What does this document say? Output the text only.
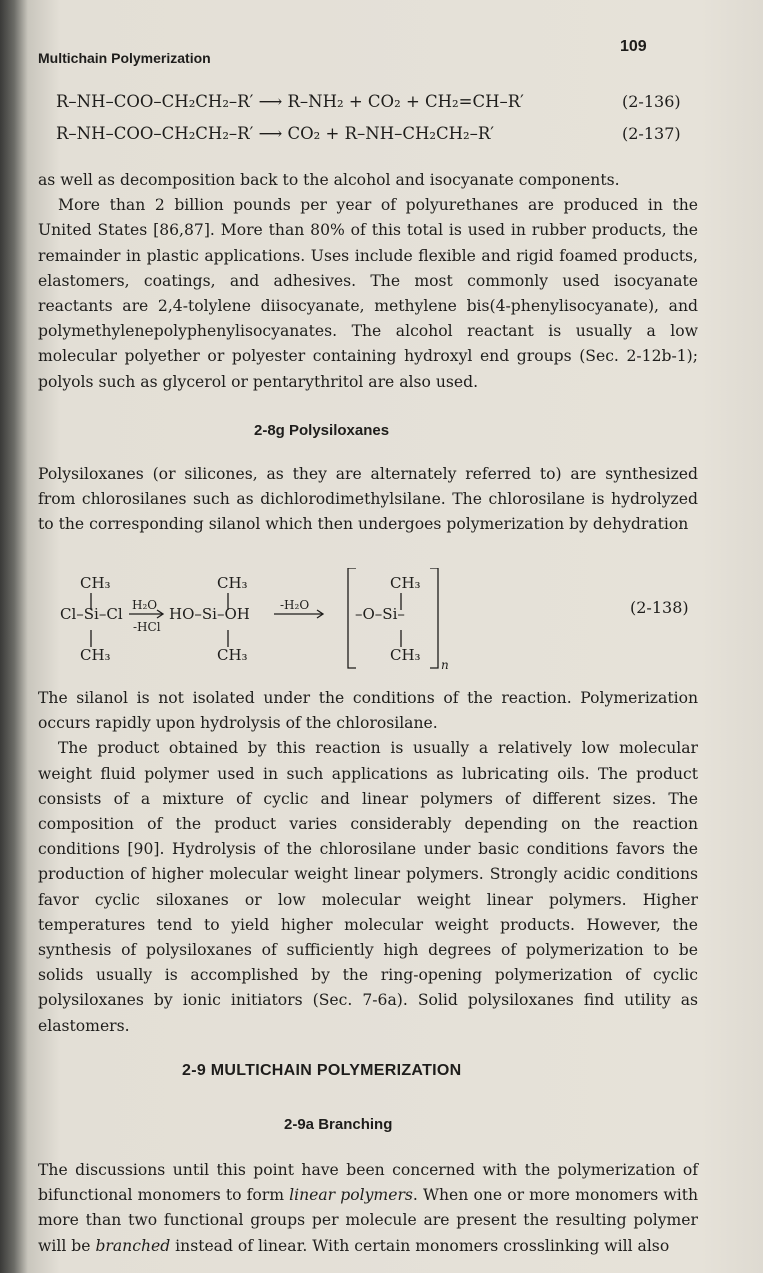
Multichain Polymerization
109
R–NH–COO–CH₂CH₂–R′ ⟶ R–NH₂ + CO₂ + CH₂=CH–R′	(2-136)
R–NH–COO–CH₂CH₂–R′ ⟶ CO₂ + R–NH–CH₂CH₂–R′	(2-137)

as well as decomposition back to the alcohol and isocyanate components.

More than 2 billion pounds per year of polyurethanes are produced in the United States [86,87]. More than 80% of this total is used in rubber products, the remainder in plastic applications. Uses include flexible and rigid foamed products, elastomers, coatings, and adhesives. The most commonly used isocyanate reactants are 2,4-tolylene diisocyanate, methylene bis(4-phenylisocyanate), and polymethylenepolyphenylisocyanates. The alcohol reactant is usually a low molecular polyether or polyester containing hydroxyl end groups (Sec. 2-12b-1); polyols such as glycerol or pentarythritol are also used.

2-8g Polysiloxanes
Polysiloxanes (or silicones, as they are alternately referred to) are synthesized from chlorosilanes such as dichlorodimethylsilane. The chlorosilane is hydrolyzed to the corresponding silanol which then undergoes polymerization by dehydration
CH₃
Cl–Si–Cl
CH₃
H₂O
-HCl
CH₃
HO–Si–OH
CH₃
-H₂O
CH₃
–O–Si–
CH₃
n
(2-138)

The silanol is not isolated under the conditions of the reaction. Polymerization occurs rapidly upon hydrolysis of the chlorosilane.

The product obtained by this reaction is usually a relatively low molecular weight fluid polymer used in such applications as lubricating oils. The product consists of a mixture of cyclic and linear polymers of different sizes. The composition of the product varies considerably depending on the reaction conditions [90]. Hydrolysis of the chlorosilane under basic conditions favors the production of higher molecular weight linear polymers. Strongly acidic conditions favor cyclic siloxanes or low molecular weight linear polymers. Higher temperatures tend to yield higher molecular weight products. However, the synthesis of polysiloxanes of sufficiently high degrees of polymerization to be solids usually is accomplished by the ring-opening polymerization of cyclic polysiloxanes by ionic initiators (Sec. 7-6a). Solid polysiloxanes find utility as elastomers.

2-9 MULTICHAIN POLYMERIZATION
2-9a Branching
The discussions until this point have been concerned with the polymerization of bifunctional monomers to form linear polymers. When one or more monomers with more than two functional groups per molecule are present the resulting polymer will be branched instead of linear. With certain monomers crosslinking will also
